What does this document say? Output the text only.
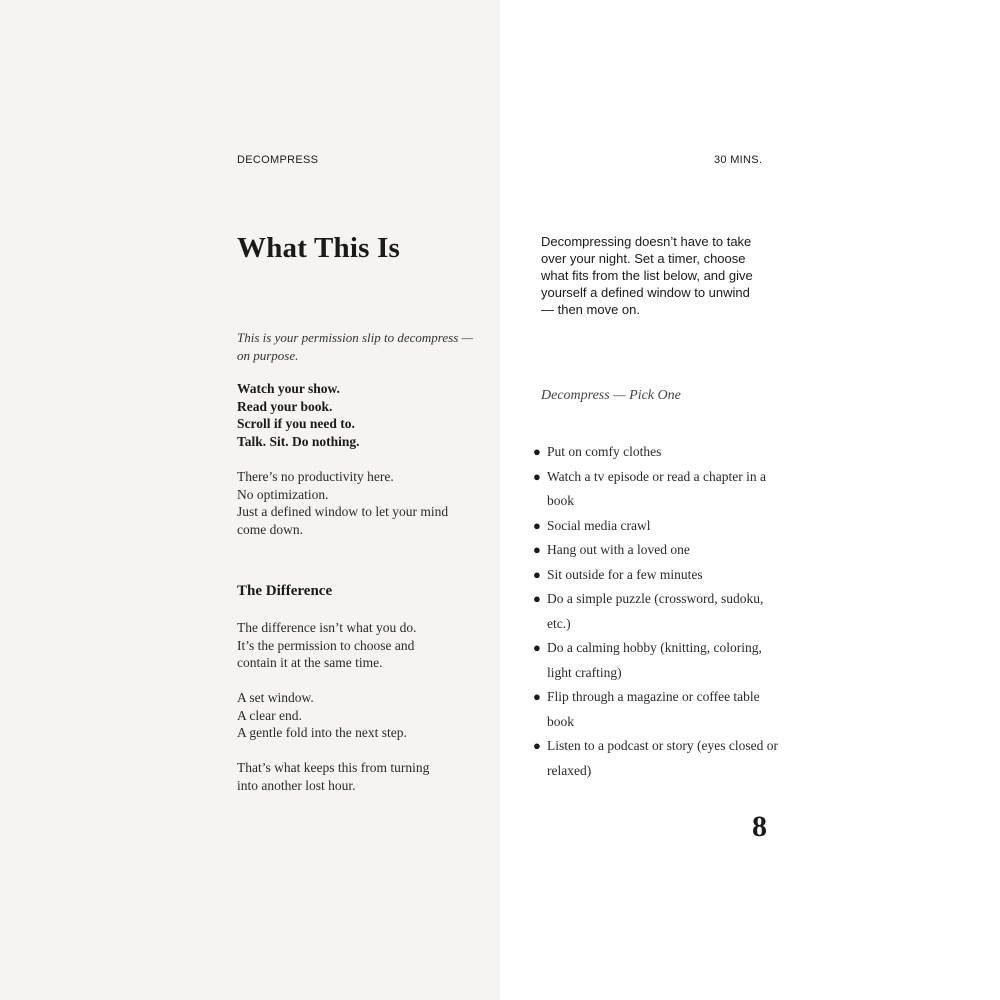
DECOMPRESS

What This Is

This is your permission slip to decompress — on purpose.

Watch your show.
Read your book.
Scroll if you need to.
Talk. Sit. Do nothing.

There’s no productivity here.
No optimization.
Just a defined window to let your mind
come down.

The Difference

The difference isn’t what you do.
It’s the permission to choose and
contain it at the same time.

A set window.
A clear end.
A gentle fold into the next step.

That’s what keeps this from turning
into another lost hour.

30 MINS.

Decompressing doesn’t have to take over your night. Set a timer, choose what fits from the list below, and give yourself a defined window to unwind — then move on.

Decompress — Pick One

● Put on comfy clothes
● Watch a tv episode or read a chapter in a book
● Social media crawl
● Hang out with a loved one
● Sit outside for a few minutes
● Do a simple puzzle (crossword, sudoku, etc.)
● Do a calming hobby (knitting, coloring, light crafting)
● Flip through a magazine or coffee table book
● Listen to a podcast or story (eyes closed or relaxed)

8
